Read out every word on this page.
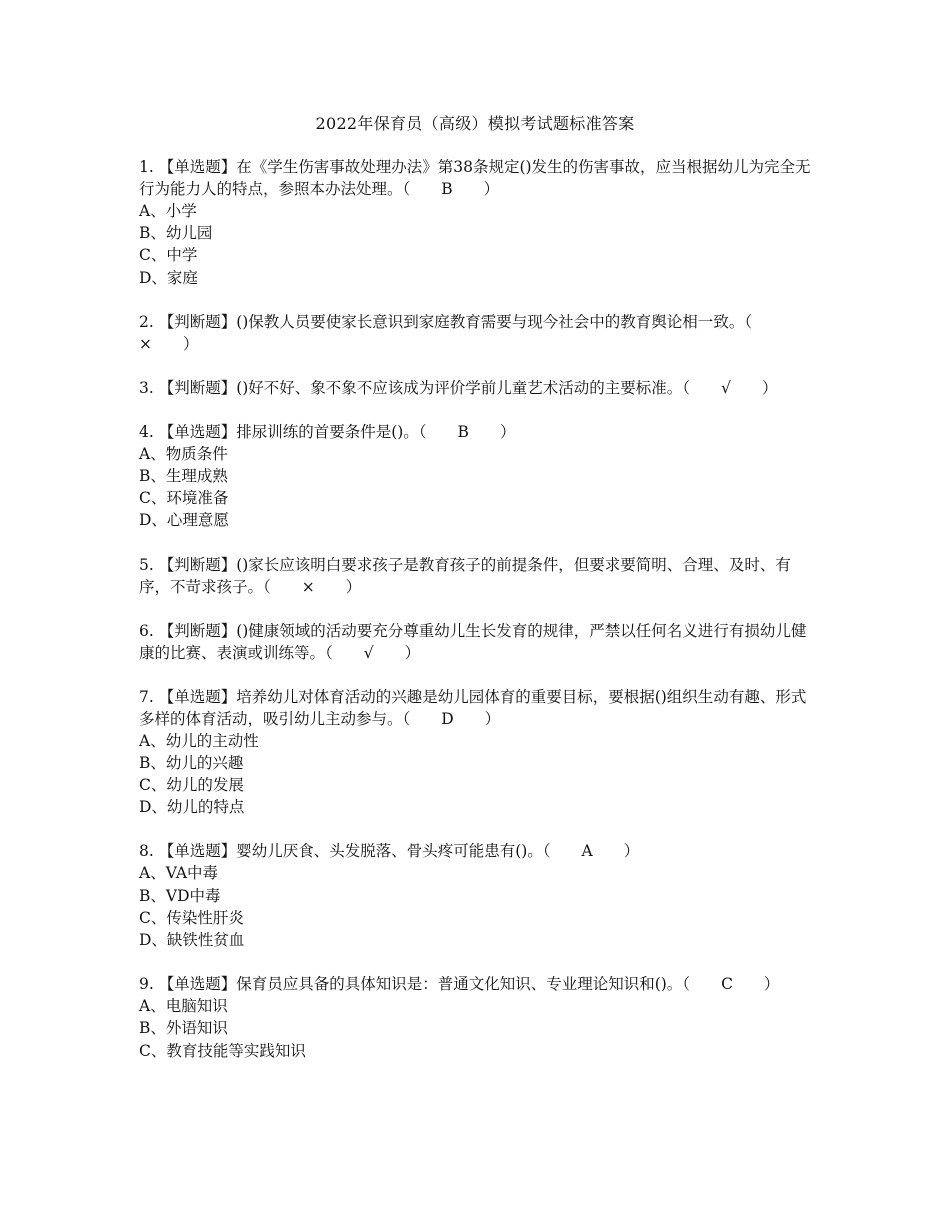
2022年保育员（高级）模拟考试题标准答案

1. 【单选题】在《学生伤害事故处理办法》第38条规定()发生的伤害事故，应当根据幼儿为完全无行为能力人的特点，参照本办法处理。（　　B　　）

A、小学

B、幼儿园

C、中学

D、家庭

2. 【判断题】()保教人员要使家长意识到家庭教育需要与现今社会中的教育舆论相一致。（　　×　　）

3. 【判断题】()好不好、象不象不应该成为评价学前儿童艺术活动的主要标准。（　　√　　）

4. 【单选题】排尿训练的首要条件是()。（　　B　　）

A、物质条件

B、生理成熟

C、环境准备

D、心理意愿

5. 【判断题】()家长应该明白要求孩子是教育孩子的前提条件，但要求要简明、合理、及时、有序，不苛求孩子。（　　×　　）

6. 【判断题】()健康领域的活动要充分尊重幼儿生长发育的规律，严禁以任何名义进行有损幼儿健康的比赛、表演或训练等。（　　√　　）

7. 【单选题】培养幼儿对体育活动的兴趣是幼儿园体育的重要目标，要根据()组织生动有趣、形式多样的体育活动，吸引幼儿主动参与。（　　D　　）

A、幼儿的主动性

B、幼儿的兴趣

C、幼儿的发展

D、幼儿的特点

8. 【单选题】婴幼儿厌食、头发脱落、骨头疼可能患有()。（　　A　　）

A、VA中毒

B、VD中毒

C、传染性肝炎

D、缺铁性贫血

9. 【单选题】保育员应具备的具体知识是：普通文化知识、专业理论知识和()。（　　C　　）

A、电脑知识

B、外语知识

C、教育技能等实践知识
